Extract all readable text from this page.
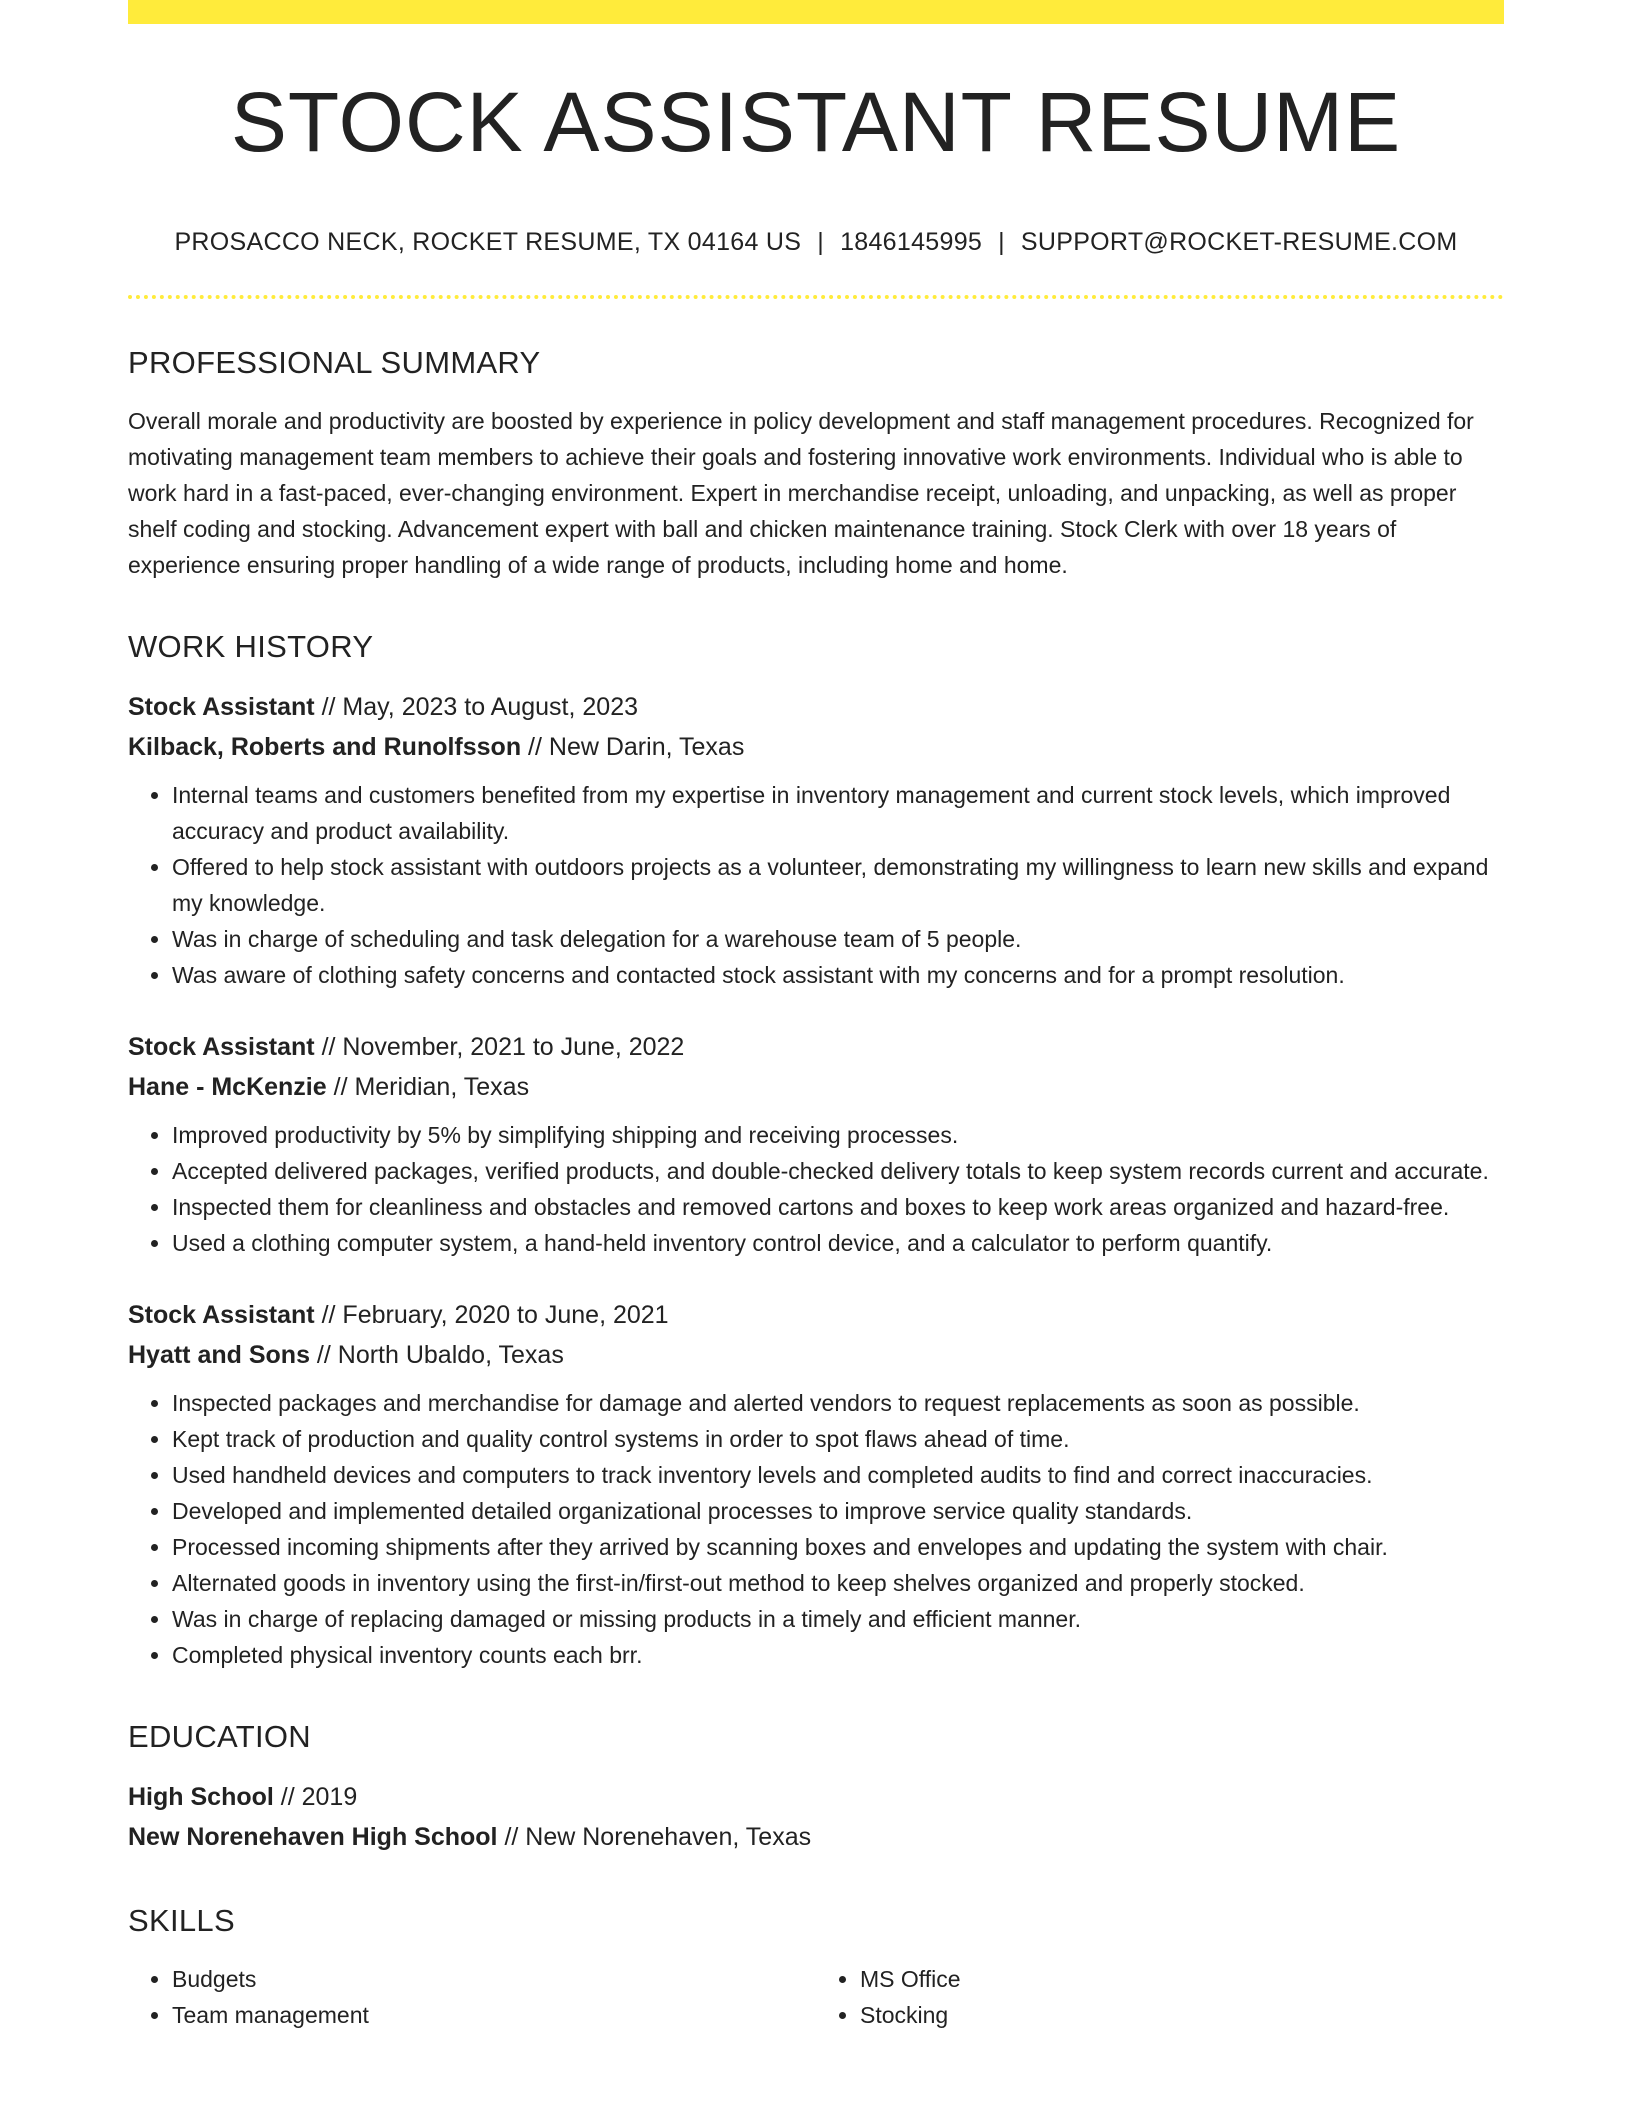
STOCK ASSISTANT RESUME
PROSACCO NECK, ROCKET RESUME, TX 04164 US | 1846145995 | SUPPORT@ROCKET-RESUME.COM
PROFESSIONAL SUMMARY

Overall morale and productivity are boosted by experience in policy development and staff management procedures. Recognized for motivating management team members to achieve their goals and fostering innovative work environments. Individual who is able to work hard in a fast-paced, ever-changing environment. Expert in merchandise receipt, unloading, and unpacking, as well as proper shelf coding and stocking. Advancement expert with ball and chicken maintenance training. Stock Clerk with over 18 years of experience ensuring proper handling of a wide range of products, including home and home.

WORK HISTORY
Stock Assistant // May, 2023 to August, 2023
Kilback, Roberts and Runolfsson // New Darin, Texas
• Internal teams and customers benefited from my expertise in inventory management and current stock levels, which improved accuracy and product availability.
• Offered to help stock assistant with outdoors projects as a volunteer, demonstrating my willingness to learn new skills and expand my knowledge.
• Was in charge of scheduling and task delegation for a warehouse team of 5 people.
• Was aware of clothing safety concerns and contacted stock assistant with my concerns and for a prompt resolution.
Stock Assistant // November, 2021 to June, 2022
Hane - McKenzie // Meridian, Texas
• Improved productivity by 5% by simplifying shipping and receiving processes.
• Accepted delivered packages, verified products, and double-checked delivery totals to keep system records current and accurate.
• Inspected them for cleanliness and obstacles and removed cartons and boxes to keep work areas organized and hazard-free.
• Used a clothing computer system, a hand-held inventory control device, and a calculator to perform quantify.
Stock Assistant // February, 2020 to June, 2021
Hyatt and Sons // North Ubaldo, Texas
• Inspected packages and merchandise for damage and alerted vendors to request replacements as soon as possible.
• Kept track of production and quality control systems in order to spot flaws ahead of time.
• Used handheld devices and computers to track inventory levels and completed audits to find and correct inaccuracies.
• Developed and implemented detailed organizational processes to improve service quality standards.
• Processed incoming shipments after they arrived by scanning boxes and envelopes and updating the system with chair.
• Alternated goods in inventory using the first-in/first-out method to keep shelves organized and properly stocked.
• Was in charge of replacing damaged or missing products in a timely and efficient manner.
• Completed physical inventory counts each brr.
EDUCATION
High School // 2019
New Norenehaven High School // New Norenehaven, Texas
SKILLS
• Budgets
• Team management
• MS Office
• Stocking
